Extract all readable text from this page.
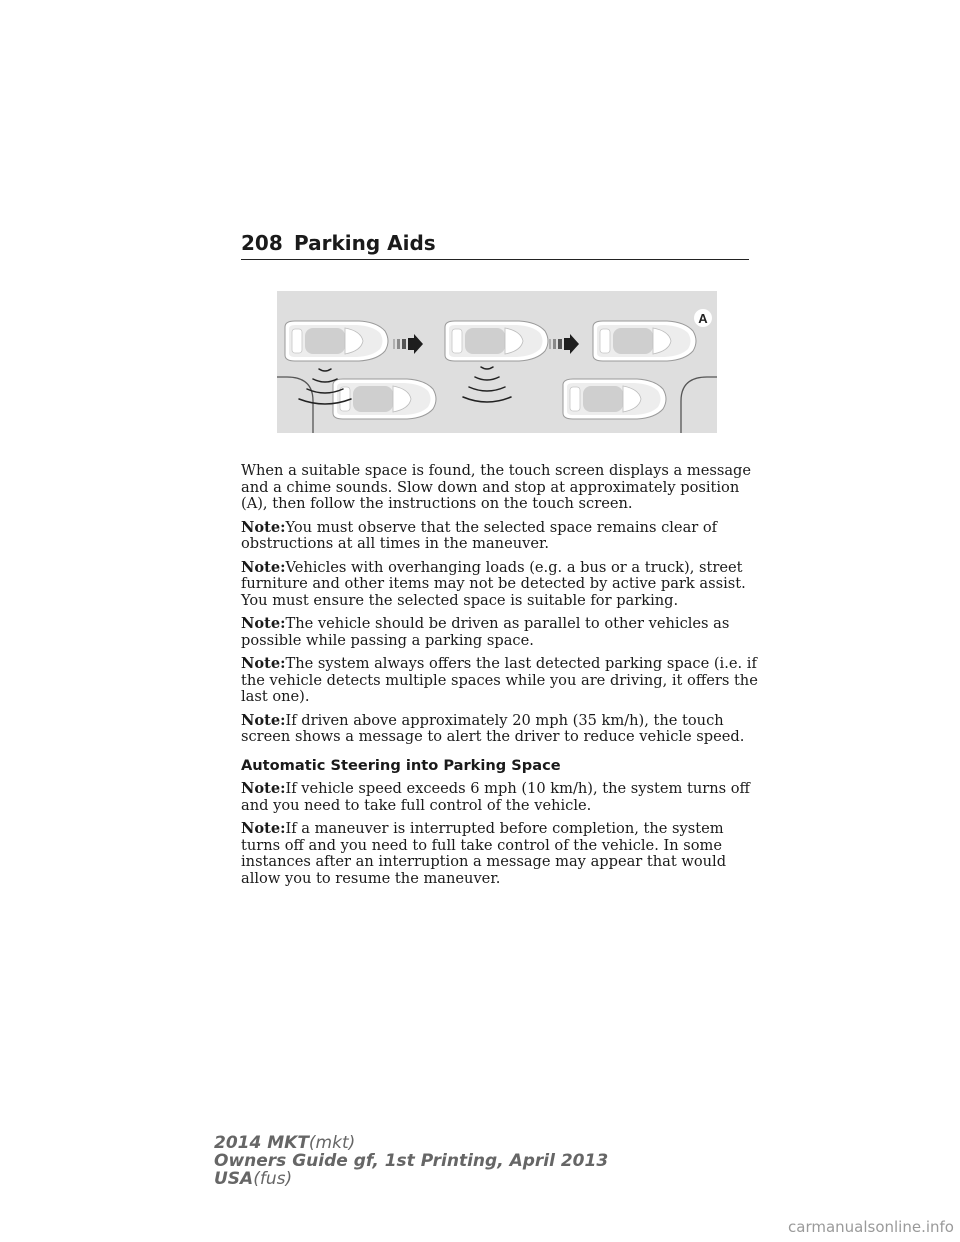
208 Parking Aids
A

When a suitable space is found, the touch screen displays a message and a chime sounds. Slow down and stop at approximately position (A), then follow the instructions on the touch screen.

Note:You must observe that the selected space remains clear of obstructions at all times in the maneuver.

Note:Vehicles with overhanging loads (e.g. a bus or a truck), street furniture and other items may not be detected by active park assist. You must ensure the selected space is suitable for parking.

Note:The vehicle should be driven as parallel to other vehicles as possible while passing a parking space.

Note:The system always offers the last detected parking space (i.e. if the vehicle detects multiple spaces while you are driving, it offers the last one).

Note:If driven above approximately 20 mph (35 km/h), the touch screen shows a message to alert the driver to reduce vehicle speed.

Automatic Steering into Parking Space

Note:If vehicle speed exceeds 6 mph (10 km/h), the system turns off and you need to take full control of the vehicle.

Note:If a maneuver is interrupted before completion, the system turns off and you need to full take control of the vehicle. In some instances after an interruption a message may appear that would allow you to resume the maneuver.

2014 MKT(mkt)
Owners Guide gf, 1st Printing, April 2013
USA(fus)
carmanualsonline.info
